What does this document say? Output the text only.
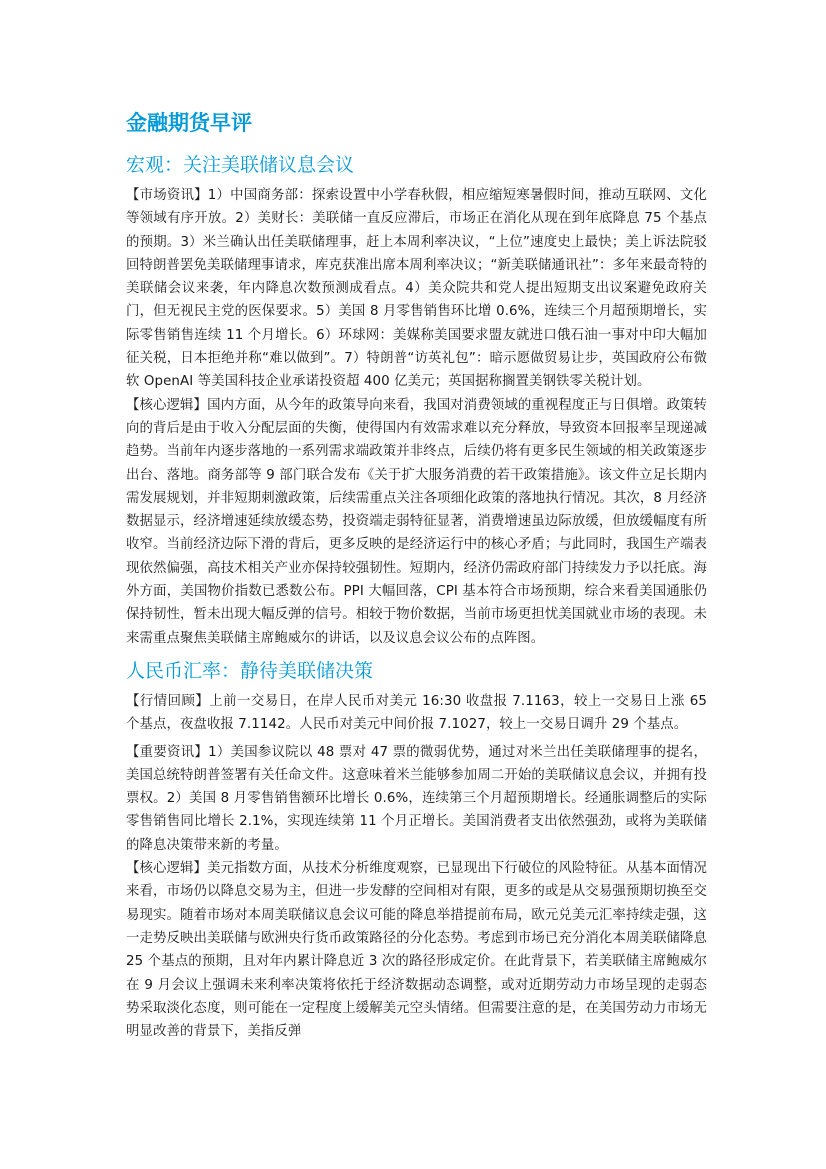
金融期货早评
宏观：关注美联储议息会议

【市场资讯】1）中国商务部：探索设置中小学春秋假，相应缩短寒暑假时间，推动互联网、文化等领域有序开放。2）美财长：美联储一直反应滞后，市场正在消化从现在到年底降息 75 个基点的预期。3）米兰确认出任美联储理事，赶上本周利率决议，“上位”速度史上最快；美上诉法院驳回特朗普罢免美联储理事请求，库克获准出席本周利率决议；“新美联储通讯社”：多年来最奇特的美联储会议来袭，年内降息次数预测成看点。4）美众院共和党人提出短期支出议案避免政府关门，但无视民主党的医保要求。5）美国 8 月零售销售环比增 0.6%，连续三个月超预期增长，实际零售销售连续 11 个月增长。6）环球网：美媒称美国要求盟友就进口俄石油一事对中印大幅加征关税，日本拒绝并称“难以做到”。7）特朗普“访英礼包”：暗示愿做贸易让步，英国政府公布微软 OpenAI 等美国科技企业承诺投资超 400 亿美元；英国据称搁置美钢铁零关税计划。

【核心逻辑】国内方面，从今年的政策导向来看，我国对消费领域的重视程度正与日俱增。政策转向的背后是由于收入分配层面的失衡，使得国内有效需求难以充分释放，导致资本回报率呈现递减趋势。当前年内逐步落地的一系列需求端政策并非终点，后续仍将有更多民生领域的相关政策逐步出台、落地。商务部等 9 部门联合发布《关于扩大服务消费的若干政策措施》。该文件立足长期内需发展规划，并非短期刺激政策，后续需重点关注各项细化政策的落地执行情况。其次，8 月经济数据显示，经济增速延续放缓态势，投资端走弱特征显著，消费增速虽边际放缓，但放缓幅度有所收窄。当前经济边际下滑的背后，更多反映的是经济运行中的核心矛盾；与此同时，我国生产端表现依然偏强，高技术相关产业亦保持较强韧性。短期内，经济仍需政府部门持续发力予以托底。海外方面，美国物价指数已悉数公布。PPI 大幅回落，CPI 基本符合市场预期，综合来看美国通胀仍保持韧性，暂未出现大幅反弹的信号。相较于物价数据，当前市场更担忧美国就业市场的表现。未来需重点聚焦美联储主席鲍威尔的讲话，以及议息会议公布的点阵图。

人民币汇率：静待美联储决策

【行情回顾】上前一交易日，在岸人民币对美元 16:30 收盘报 7.1163，较上一交易日上涨 65 个基点，夜盘收报 7.1142。人民币对美元中间价报 7.1027，较上一交易日调升 29 个基点。

【重要资讯】1）美国参议院以 48 票对 47 票的微弱优势，通过对米兰出任美联储理事的提名，美国总统特朗普签署有关任命文件。这意味着米兰能够参加周二开始的美联储议息会议，并拥有投票权。2）美国 8 月零售销售额环比增长 0.6%，连续第三个月超预期增长。经通胀调整后的实际零售销售同比增长 2.1%，实现连续第 11 个月正增长。美国消费者支出依然强劲，或将为美联储的降息决策带来新的考量。

【核心逻辑】美元指数方面，从技术分析维度观察，已显现出下行破位的风险特征。从基本面情况来看，市场仍以降息交易为主，但进一步发酵的空间相对有限，更多的或是从交易强预期切换至交易现实。随着市场对本周美联储议息会议可能的降息举措提前布局，欧元兑美元汇率持续走强，这一走势反映出美联储与欧洲央行货币政策路径的分化态势。考虑到市场已充分消化本周美联储降息 25 个基点的预期，且对年内累计降息近 3 次的路径形成定价。在此背景下，若美联储主席鲍威尔在 9 月会议上强调未来利率决策将依托于经济数据动态调整，或对近期劳动力市场呈现的走弱态势采取淡化态度，则可能在一定程度上缓解美元空头情绪。但需要注意的是，在美国劳动力市场无明显改善的背景下，美指反弹
